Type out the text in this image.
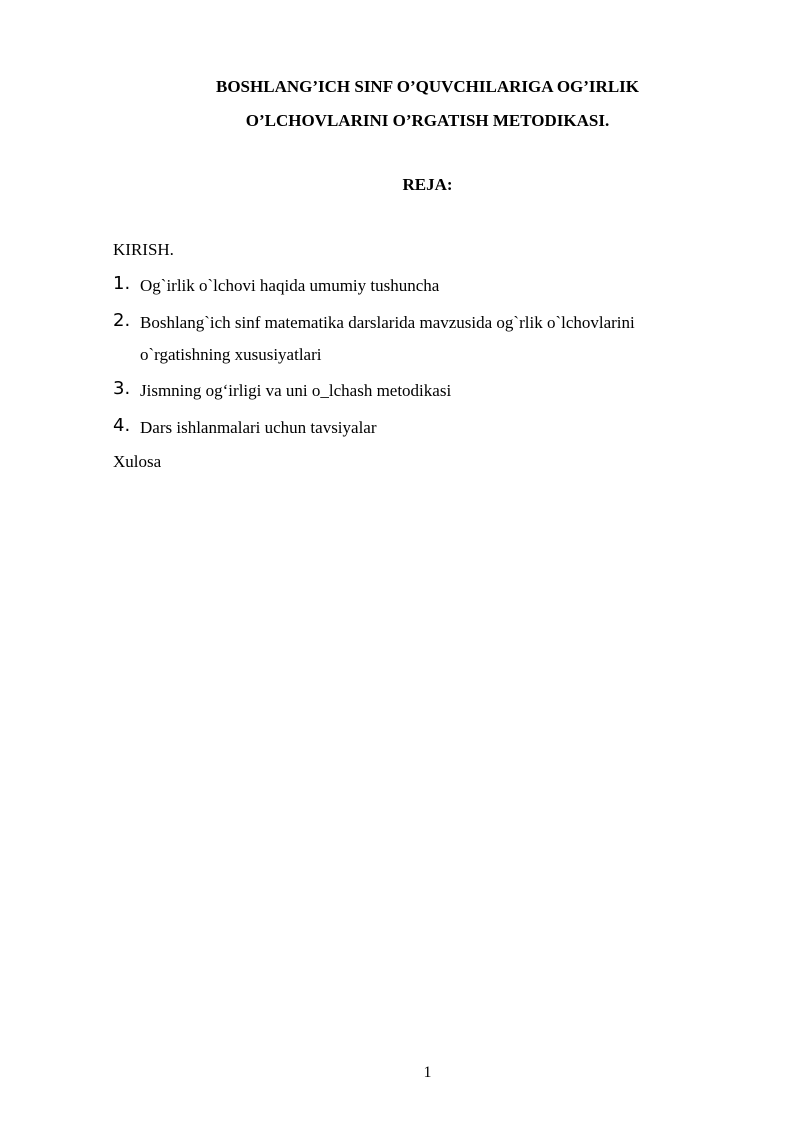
BOSHLANG’ICH SINF O’QUVCHILARIGA OG’IRLIK
O’LCHOVLARINI O’RGATISH METODIKASI.
REJA:
KIRISH.
1. Og`irlik o`lchovi haqida umumiy tushuncha
2. Boshlang`ich sinf matematika darslarida mavzusida og`rlik o`lchovlarini
o`rgatishning xususiyatlari
3. Jismning og‘irligi va uni o_lchash metodikasi
4. Dars ishlanmalari uchun tavsiyalar
Xulosa
1
